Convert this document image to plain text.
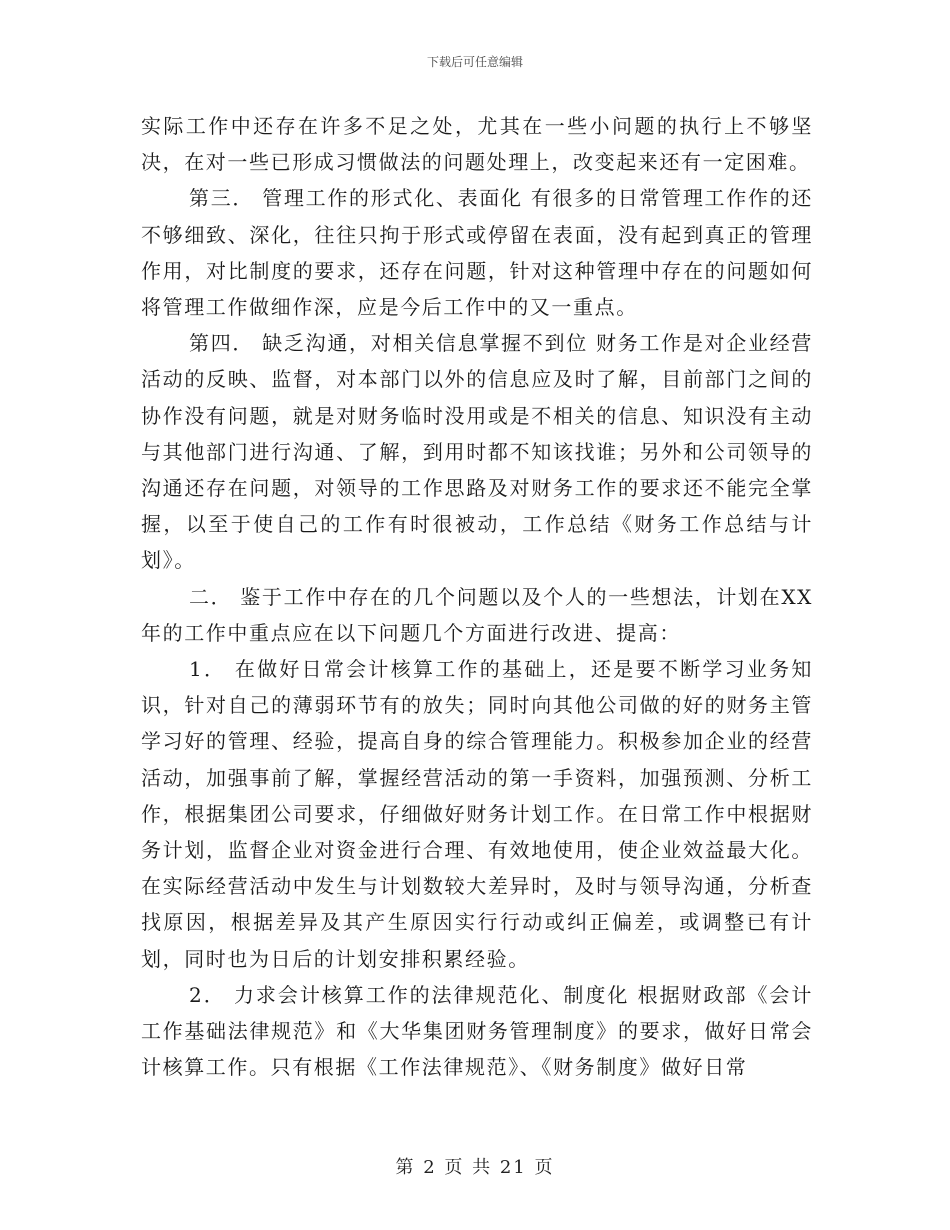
下载后可任意编辑

实际工作中还存在许多不足之处，尤其在一些小问题的执行上不够坚决，在对一些已形成习惯做法的问题处理上，改变起来还有一定困难。

第三． 管理工作的形式化、表面化 有很多的日常管理工作作的还不够细致、深化，往往只拘于形式或停留在表面，没有起到真正的管理作用，对比制度的要求，还存在问题，针对这种管理中存在的问题如何将管理工作做细作深，应是今后工作中的又一重点。

第四． 缺乏沟通，对相关信息掌握不到位 财务工作是对企业经营活动的反映、监督，对本部门以外的信息应及时了解，目前部门之间的协作没有问题，就是对财务临时没用或是不相关的信息、知识没有主动与其他部门进行沟通、了解，到用时都不知该找谁；另外和公司领导的沟通还存在问题，对领导的工作思路及对财务工作的要求还不能完全掌握，以至于使自己的工作有时很被动，工作总结《财务工作总结与计划》。

二． 鉴于工作中存在的几个问题以及个人的一些想法，计划在XX年的工作中重点应在以下问题几个方面进行改进、提高：

1． 在做好日常会计核算工作的基础上，还是要不断学习业务知识，针对自己的薄弱环节有的放失；同时向其他公司做的好的财务主管学习好的管理、经验，提高自身的综合管理能力。积极参加企业的经营活动，加强事前了解，掌握经营活动的第一手资料，加强预测、分析工作，根据集团公司要求，仔细做好财务计划工作。在日常工作中根据财务计划，监督企业对资金进行合理、有效地使用，使企业效益最大化。在实际经营活动中发生与计划数较大差异时，及时与领导沟通，分析查找原因，根据差异及其产生原因实行行动或纠正偏差，或调整已有计划，同时也为日后的计划安排积累经验。

2． 力求会计核算工作的法律规范化、制度化 根据财政部《会计工作基础法律规范》和《大华集团财务管理制度》的要求，做好日常会计核算工作。只有根据《工作法律规范》、《财务制度》做好日常

第 2 页 共 21 页
